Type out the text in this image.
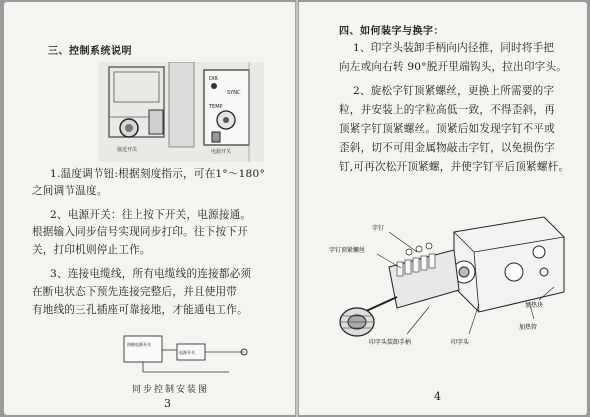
三、控制系统说明
DIR
SYNC
TEMP
接近开关	电源开关
1.温度调节钮:根据刻度指示，可在1°～180°
之间调节温度。
2、电源开关：往上按下开关，电源接通。
根据输入同步信号实现同步打印。往下按下开
关，打印机则停止工作。
3、连接电缆线，所有电缆线的连接都必须
在断电状态下预先连接完整后，并且使用带
有地线的三孔插座可靠接地，才能通电工作。
热敏电源开关
电源开关
同步控制安装图
3
四、如何装字与换字：
1、印字头装卸手柄向内径推，同时将手把
向左或向右转 90°脱开里端钩头，拉出印字头。
2、旋松字钉顶紧螺丝，更换上所需要的字
粒，并安装上的字粒高低一致，不得歪斜，再
顶紧字钉顶紧螺丝。顶紧后如发现字钉不平或
歪斜，切不可用金属物敲击字钉，以免损伤字
钉,可再次松开顶紧螺，并使字钉平后顶紧螺杆。
字钉
字钉顶紧螺丝
印字头装卸手柄	印字头
加热块
加热管
4
